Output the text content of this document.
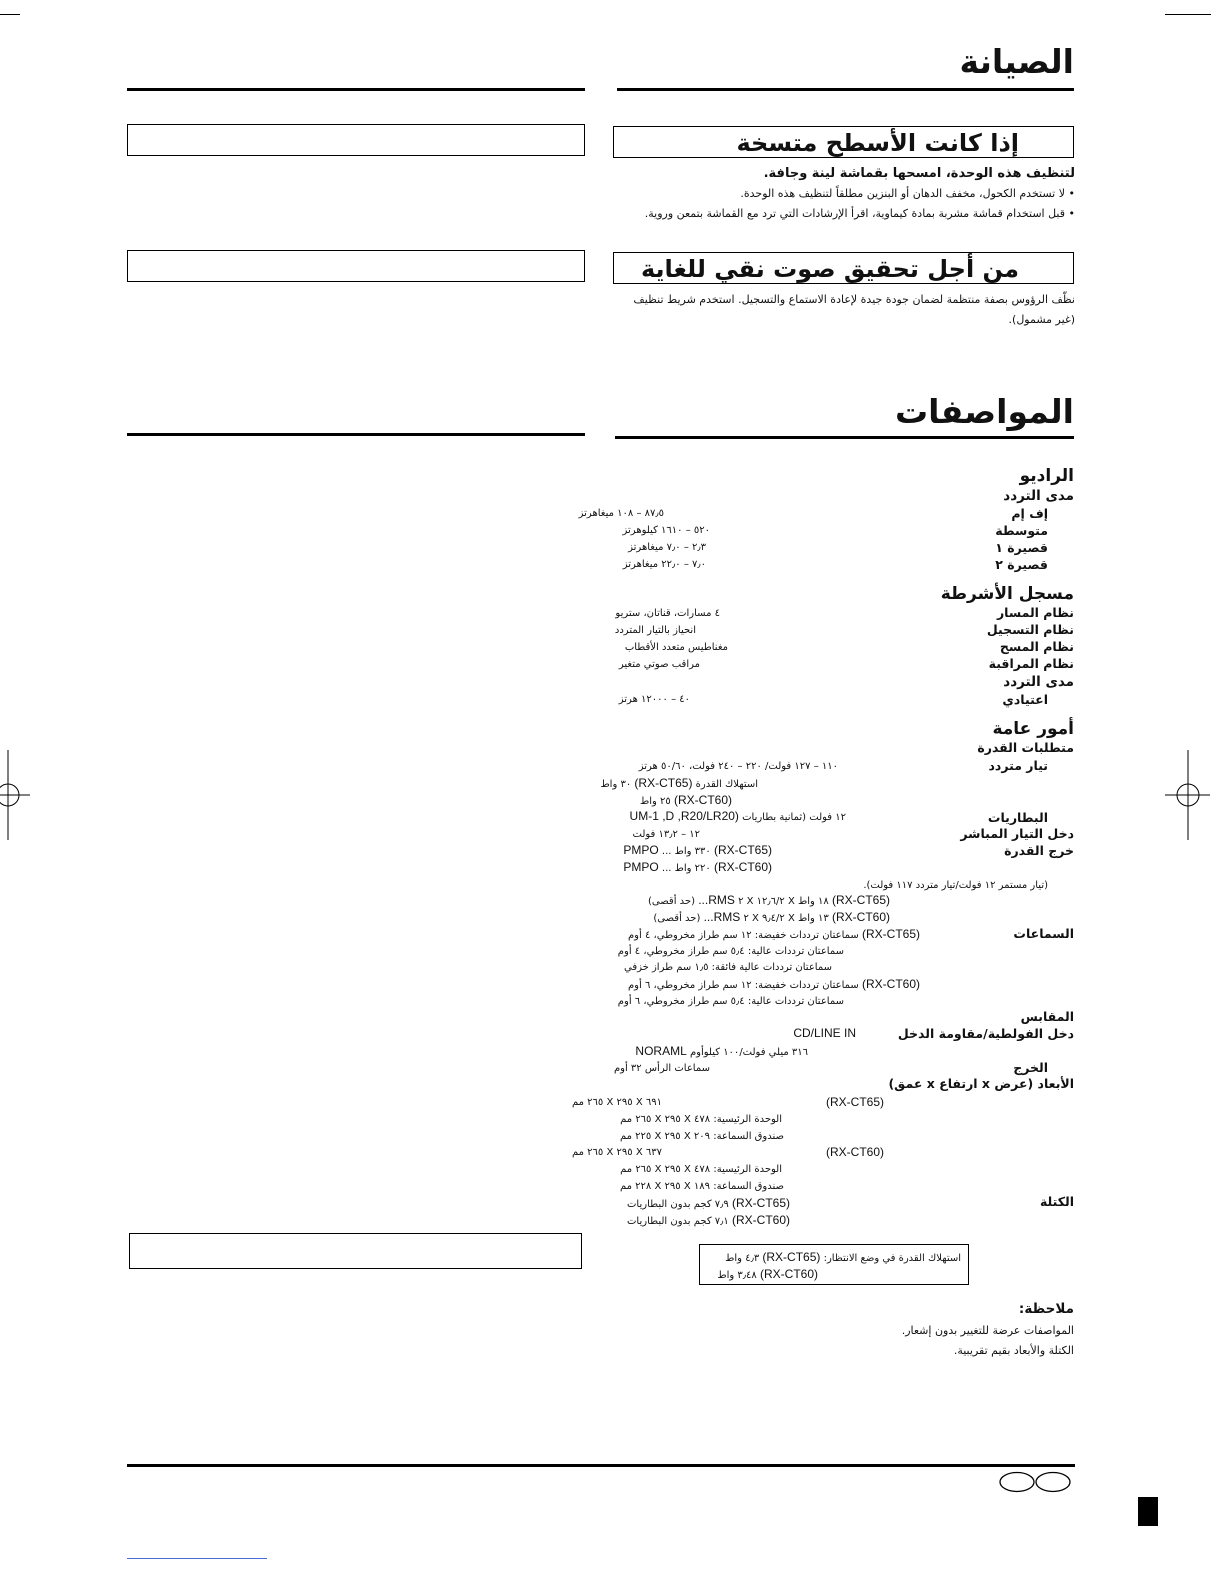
الصيانة
إذا كانت الأسطح متسخة
لتنظيف هذه الوحدة، امسحها بقماشة لينة وجافة.
• لا تستخدم الكحول، مخفف الدهان أو البنزين مطلقاً لتنظيف هذه الوحدة.
• قبل استخدام قماشة مشربة بمادة كيماوية، اقرأ الإرشادات التي ترد مع القماشة بتمعن وروية.
من أجل تحقيق صوت نقي للغاية
نظّف الرؤوس بصفة منتظمة لضمان جودة جيدة لإعادة الاستماع والتسجيل. استخدم شريط تنظيف (غير مشمول).
المواصفات
الراديو
مدى التردد
إف إم
٨٧٫٥ – ١٠٨ ميغاهرتز
متوسطة
٥٢٠ – ١٦١٠ كيلوهرتز
قصيرة ١
٢٫٣ – ٧٫٠ ميغاهرتز
قصيرة ٢
٧٫٠ – ٢٢٫٠ ميغاهرتز
مسجل الأشرطة
نظام المسار
٤ مسارات، قناتان، ستريو
نظام التسجيل
انحياز بالتيار المتردد
نظام المسح
مغناطيس متعدد الأقطاب
نظام المراقبة
مراقب صوتي متغير
مدى التردد
اعتيادي
٤٠ – ١٢٠٠٠ هرتز
أمور عامة
متطلبات القدرة
تيار متردد
١١٠ – ١٢٧ فولت/ ٢٢٠ – ٢٤٠ فولت، ٥٠/٦٠ هرتز
استهلاك القدرة (RX-CT65) ٣٠ واط
(RX-CT60) ٢٥ واط
البطاريات
١٢ فولت (ثمانية بطاريات (UM-1 ,D ,R20/LR20
دخل التيار المباشر
١٢ – ١٣٫٢ فولت
خرج القدرة
(RX-CT65) ٣٣٠ واط ... PMPO
(RX-CT60) ٢٢٠ واط ... PMPO
(تيار مستمر ١٢ فولت/تيار متردد ١١٧ فولت).
(RX-CT65) ١٨ واط X ١٢٫٦/٢ X ٢ RMS... (حد أقصى)
(RX-CT60) ١٣ واط X ٩٫٤/٢ X ٢ RMS... (حد أقصى)
السماعات
(RX-CT65) سماعتان ترددات خفيضة: ١٢ سم طراز مخروطي، ٤ أوم
سماعتان ترددات عالية: ٥٫٤ سم طراز مخروطي، ٤ أوم
سماعتان ترددات عالية فائقة: ١٫٥ سم طراز خزفي
(RX-CT60) سماعتان ترددات خفيضة: ١٢ سم طراز مخروطي، ٦ أوم
سماعتان ترددات عالية: ٥٫٤ سم طراز مخروطي، ٦ أوم
المقابس
دخل الفولطية/مقاومة الدخل
CD/LINE IN
٣١٦ ميلي فولت/١٠٠ كيلوأوم NORAML
الخرج
سماعات الرأس ٣٢ أوم
الأبعاد (عرض x ارتفاع x عمق)
(RX-CT65)
٦٩١ X ٢٩٥ X ٢٦٥ مم
الوحدة الرئيسية: ٤٧٨ X ٢٩٥ X ٢٦٥ مم
صندوق السماعة: ٢٠٩ X ٢٩٥ X ٢٢٥ مم
(RX-CT60)
٦٣٧ X ٢٩٥ X ٢٦٥ مم
الوحدة الرئيسية: ٤٧٨ X ٢٩٥ X ٢٦٥ مم
صندوق السماعة: ١٨٩ X ٢٩٥ X ٢٢٨ مم
الكتلة
(RX-CT65) ٧٫٩ كجم بدون البطاريات
(RX-CT60) ٧٫١ كجم بدون البطاريات
استهلاك القدرة في وضع الانتظار: (RX-CT65) ٤٫٣ واط
(RX-CT60) ٣٫٤٨ واط
ملاحظة:
المواصفات عرضة للتغيير بدون إشعار.
الكتلة والأبعاد بقيم تقريبية.
